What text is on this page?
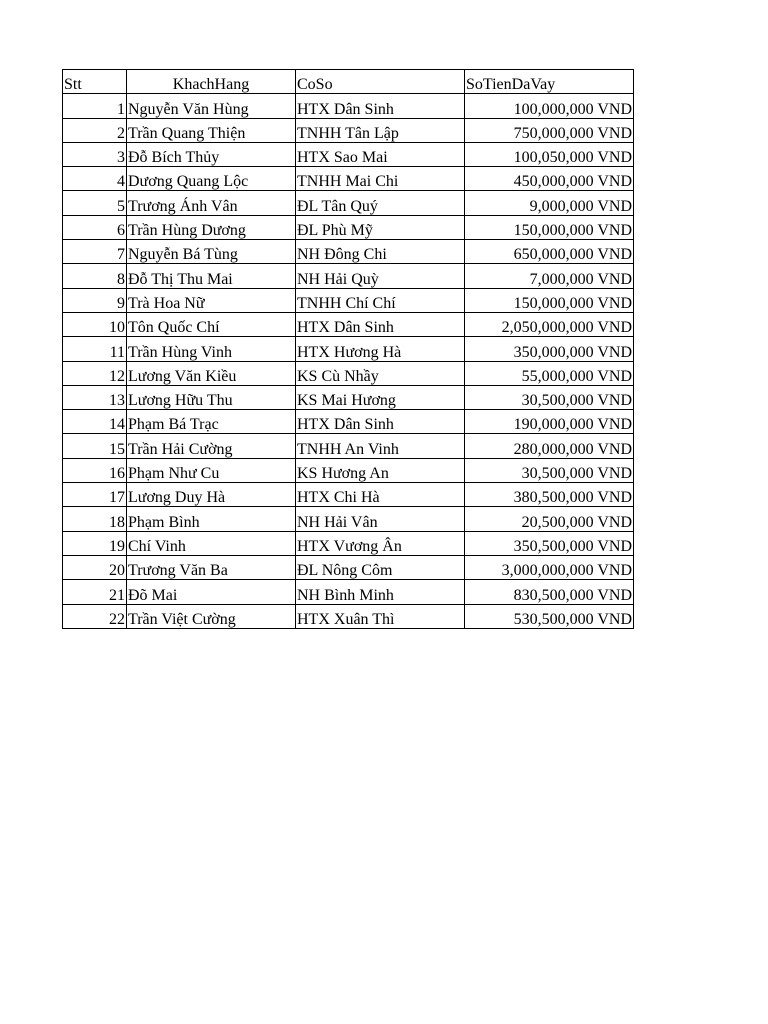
Stt	KhachHang	CoSo	SoTienDaVay
1	Nguyễn Văn Hùng	HTX Dân Sinh	100,000,000 VND
2	Trần Quang Thiện	TNHH Tân Lập	750,000,000 VND
3	Đỗ Bích Thủy	HTX Sao Mai	100,050,000 VND
4	Dương Quang Lộc	TNHH Mai Chi	450,000,000 VND
5	Trương Ánh Vân	ĐL Tân Quý	9,000,000 VND
6	Trần Hùng Dương	ĐL Phù Mỹ	150,000,000 VND
7	Nguyễn Bá Tùng	NH Đông Chi	650,000,000 VND
8	Đỗ Thị Thu Mai	NH Hải Quỳ	7,000,000 VND
9	Trà Hoa Nữ	TNHH Chí Chí	150,000,000 VND
10	Tôn Quốc Chí	HTX Dân Sinh	2,050,000,000 VND
11	Trần Hùng Vinh	HTX Hương Hà	350,000,000 VND
12	Lương Văn Kiều	KS Cù Nhầy	55,000,000 VND
13	Lương Hữu Thu	KS Mai Hương	30,500,000 VND
14	Phạm Bá Trạc	HTX Dân Sinh	190,000,000 VND
15	Trần Hải Cường	TNHH An Vinh	280,000,000 VND
16	Phạm Như Cu	KS Hương An	30,500,000 VND
17	Lương Duy Hà	HTX Chi Hà	380,500,000 VND
18	Phạm Bình	NH Hải Vân	20,500,000 VND
19	Chí Vinh	HTX Vương Ân	350,500,000 VND
20	Trương Văn Ba	ĐL Nông Côm	3,000,000,000 VND
21	Đõ Mai	NH Bình Minh	830,500,000 VND
22	Trần Việt Cường	HTX Xuân Thì	530,500,000 VND
